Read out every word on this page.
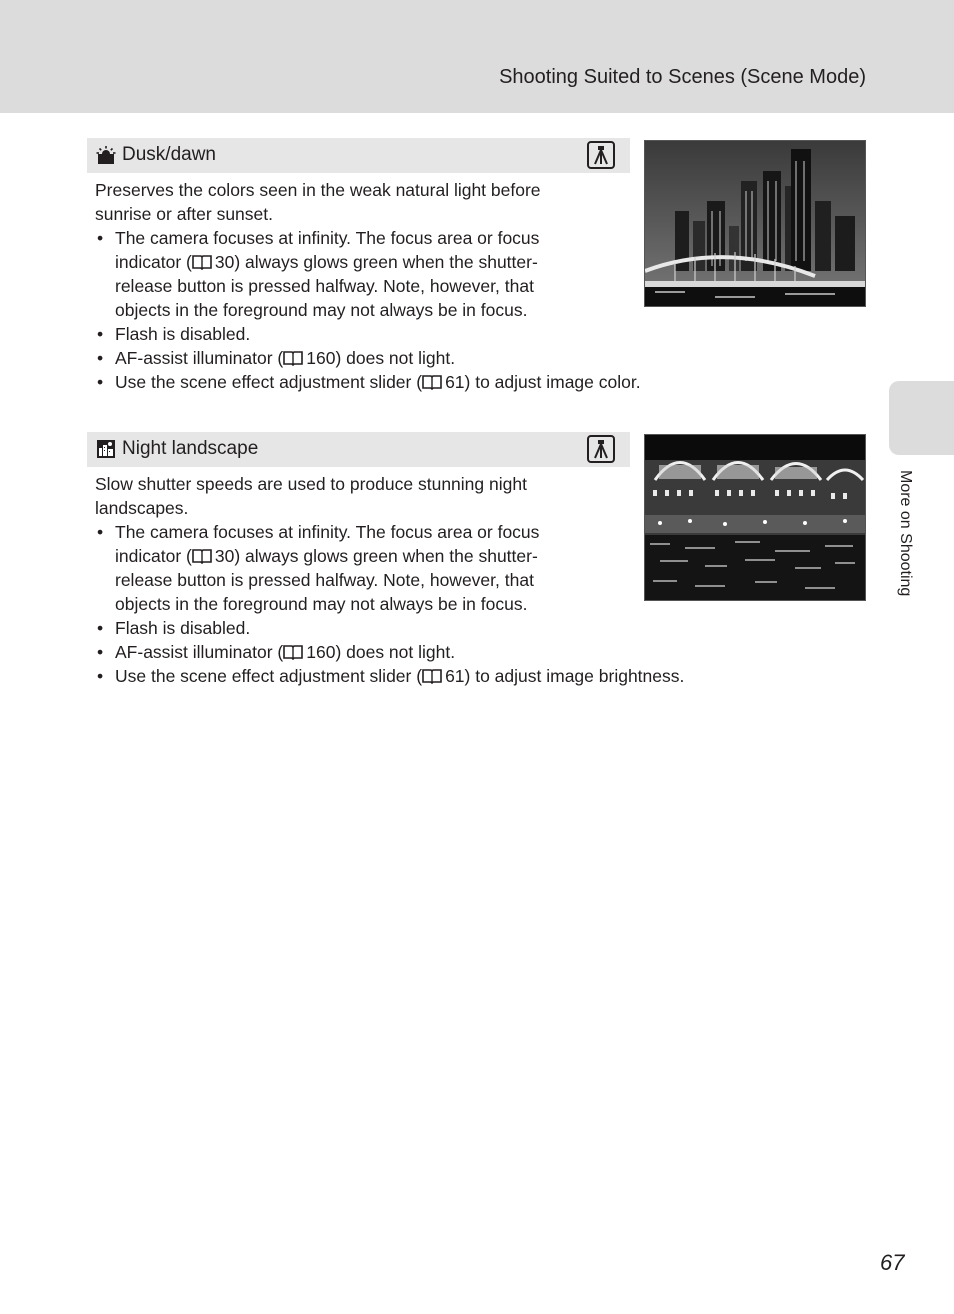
Shooting Suited to Scenes (Scene Mode)
Dusk/dawn

Preserves the colors seen in the weak natural light before sunrise or after sunset.

• The camera focuses at infinity. The focus area or focus indicator ( 30) always glows green when the shutter-release button is pressed halfway. Note, however, that objects in the foreground may not always be in focus.
• Flash is disabled.
• AF-assist illuminator ( 160) does not light.
• Use the scene effect adjustment slider ( 61) to adjust image color.
Night landscape

Slow shutter speeds are used to produce stunning night landscapes.

• The camera focuses at infinity. The focus area or focus indicator ( 30) always glows green when the shutter-release button is pressed halfway. Note, however, that objects in the foreground may not always be in focus.
• Flash is disabled.
• AF-assist illuminator ( 160) does not light.
• Use the scene effect adjustment slider ( 61) to adjust image brightness.
More on Shooting
67
